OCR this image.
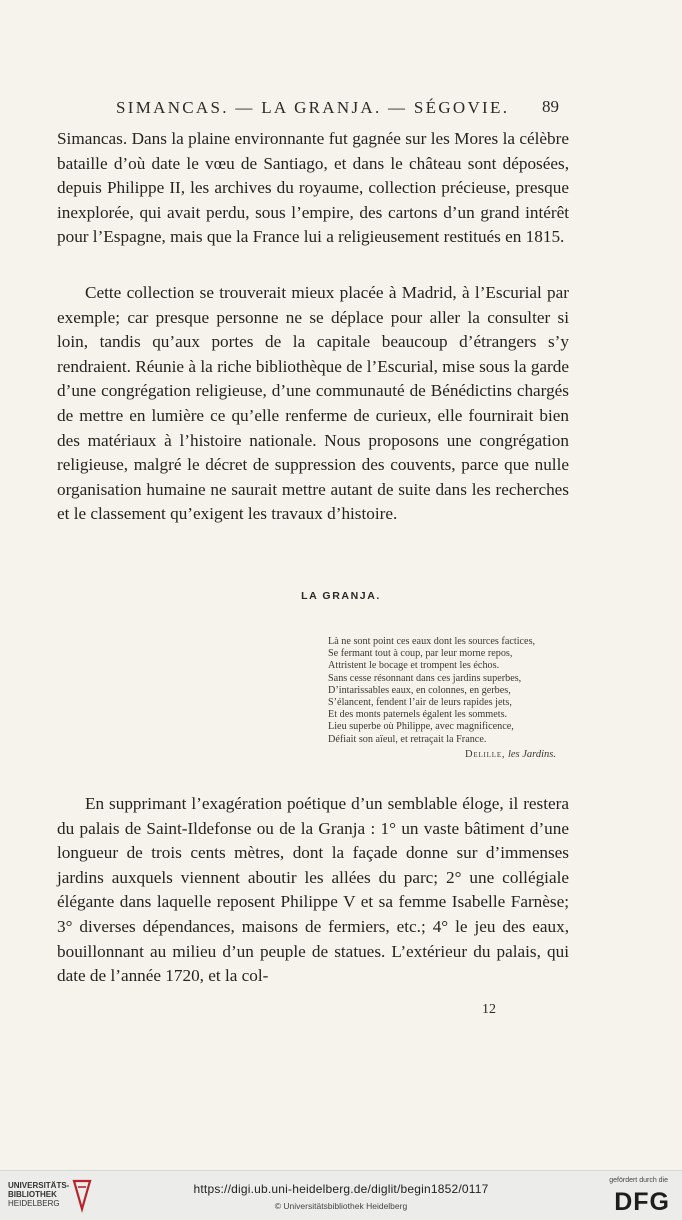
SIMANCAS. — LA GRANJA. — SÉGOVIE. 89

Simancas. Dans la plaine environnante fut gagnée sur les Mores la célèbre bataille d’où date le vœu de Santiago, et dans le château sont déposées, depuis Philippe II, les archives du royaume, collection précieuse, presque inexplorée, qui avait perdu, sous l’empire, des cartons d’un grand intérêt pour l’Espagne, mais que la France lui a religieusement restitués en 1815.

Cette collection se trouverait mieux placée à Madrid, à l’Escurial par exemple; car presque personne ne se déplace pour aller la consulter si loin, tandis qu’aux portes de la capitale beaucoup d’étrangers s’y rendraient. Réunie à la riche bibliothèque de l’Escurial, mise sous la garde d’une congrégation religieuse, d’une communauté de Bénédictins chargés de mettre en lumière ce qu’elle renferme de curieux, elle fournirait bien des matériaux à l’histoire nationale. Nous proposons une congrégation religieuse, malgré le décret de suppression des couvents, parce que nulle organisation humaine ne saurait mettre autant de suite dans les recherches et le classement qu’exigent les travaux d’histoire.

LA GRANJA.
Là ne sont point ces eaux dont les sources factices,
Se fermant tout à coup, par leur morne repos,
Attristent le bocage et trompent les échos.
Sans cesse résonnant dans ces jardins superbes,
D’intarissables eaux, en colonnes, en gerbes,
S’élancent, fendent l’air de leurs rapides jets,
Et des monts paternels égalent les sommets.
Lieu superbe où Philippe, avec magnificence,
Défiait son aïeul, et retraçait la France.
Delille, les Jardins.

En supprimant l’exagération poétique d’un semblable éloge, il restera du palais de Saint-Ildefonse ou de la Granja : 1° un vaste bâtiment d’une longueur de trois cents mètres, dont la façade donne sur d’immenses jardins auxquels viennent aboutir les allées du parc; 2° une collégiale élégante dans laquelle reposent Philippe V et sa femme Isabelle Farnèse; 3° diverses dépendances, maisons de fermiers, etc.; 4° le jeu des eaux, bouillonnant au milieu d’un peuple de statues. L’extérieur du palais, qui date de l’année 1720, et la col-

12
UNIVERSITÄTS-
BIBLIOTHEK
HEIDELBERG
https://digi.ub.uni-heidelberg.de/diglit/begin1852/0117
© Universitätsbibliothek Heidelberg
gefördert durch die
DFG
